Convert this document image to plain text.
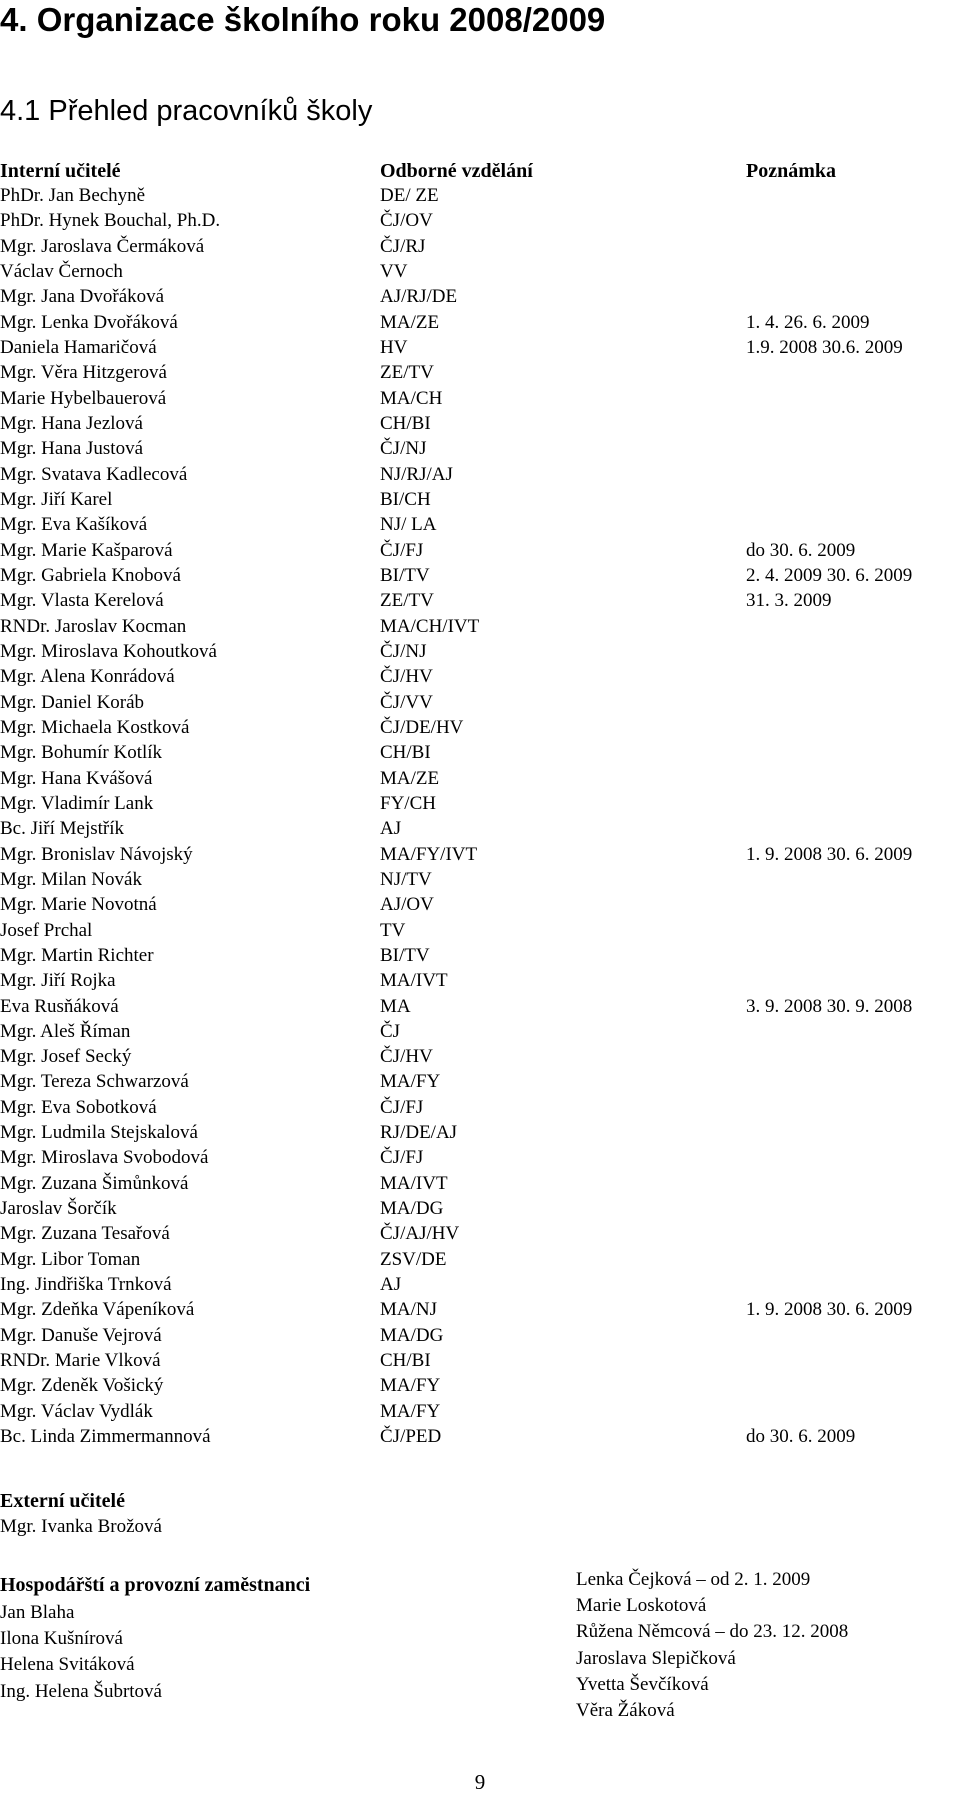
4. Organizace školního roku 2008/2009
4.1 Přehled pracovníků školy
Interní učitelé	Odborné vzdělání	Poznámka
PhDr. Jan Bechyně	DE/ ZE
PhDr. Hynek Bouchal, Ph.D.	ČJ/OV
Mgr. Jaroslava Čermáková	ČJ/RJ
Václav Černoch	VV
Mgr. Jana Dvořáková	AJ/RJ/DE
Mgr. Lenka Dvořáková	MA/ZE	1. 4. 26. 6. 2009
Daniela Hamaričová	HV	1.9. 2008 30.6. 2009
Mgr. Věra Hitzgerová	ZE/TV
Marie Hybelbauerová	MA/CH
Mgr. Hana Jezlová	CH/BI
Mgr. Hana Justová	ČJ/NJ
Mgr. Svatava Kadlecová	NJ/RJ/AJ
Mgr. Jiří Karel	BI/CH
Mgr. Eva Kašíková	NJ/ LA
Mgr. Marie Kašparová	ČJ/FJ	do 30. 6. 2009
Mgr. Gabriela Knobová	BI/TV	2. 4. 2009 30. 6. 2009
Mgr. Vlasta Kerelová	ZE/TV	31. 3. 2009
RNDr. Jaroslav Kocman	MA/CH/IVT
Mgr. Miroslava Kohoutková	ČJ/NJ
Mgr. Alena Konrádová	ČJ/HV
Mgr. Daniel Koráb	ČJ/VV
Mgr. Michaela Kostková	ČJ/DE/HV
Mgr. Bohumír Kotlík	CH/BI
Mgr. Hana Kvášová	MA/ZE
Mgr. Vladimír Lank	FY/CH
Bc. Jiří Mejstřík	AJ
Mgr. Bronislav Návojský	MA/FY/IVT	1. 9. 2008 30. 6. 2009
Mgr. Milan Novák	NJ/TV
Mgr. Marie Novotná	AJ/OV
Josef Prchal	TV
Mgr. Martin Richter	BI/TV
Mgr. Jiří Rojka	MA/IVT
Eva Rusňáková	MA	3. 9. 2008 30. 9. 2008
Mgr. Aleš Říman	ČJ
Mgr. Josef Secký	ČJ/HV
Mgr. Tereza Schwarzová	MA/FY
Mgr. Eva Sobotková	ČJ/FJ
Mgr. Ludmila Stejskalová	RJ/DE/AJ
Mgr. Miroslava Svobodová	ČJ/FJ
Mgr. Zuzana Šimůnková	MA/IVT
Jaroslav Šorčík	MA/DG
Mgr. Zuzana Tesařová	ČJ/AJ/HV
Mgr. Libor Toman	ZSV/DE
Ing. Jindřiška Trnková	AJ
Mgr. Zdeňka Vápeníková	MA/NJ	1. 9. 2008 30. 6. 2009
Mgr. Danuše Vejrová	MA/DG
RNDr. Marie Vlková	CH/BI
Mgr. Zdeněk Vošický	MA/FY
Mgr. Václav Vydlák	MA/FY
Bc. Linda Zimmermannová	ČJ/PED	do 30. 6. 2009
Externí učitelé
Mgr. Ivanka Brožová
Hospodářští a provozní zaměstnanci
Jan Blaha
Ilona Kušnírová
Helena Svitáková
Ing. Helena Šubrtová
Lenka Čejková – od 2. 1. 2009
Marie Loskotová
Růžena Němcová – do 23. 12. 2008
Jaroslava Slepičková
Yvetta Ševčíková
Věra Žáková
9
